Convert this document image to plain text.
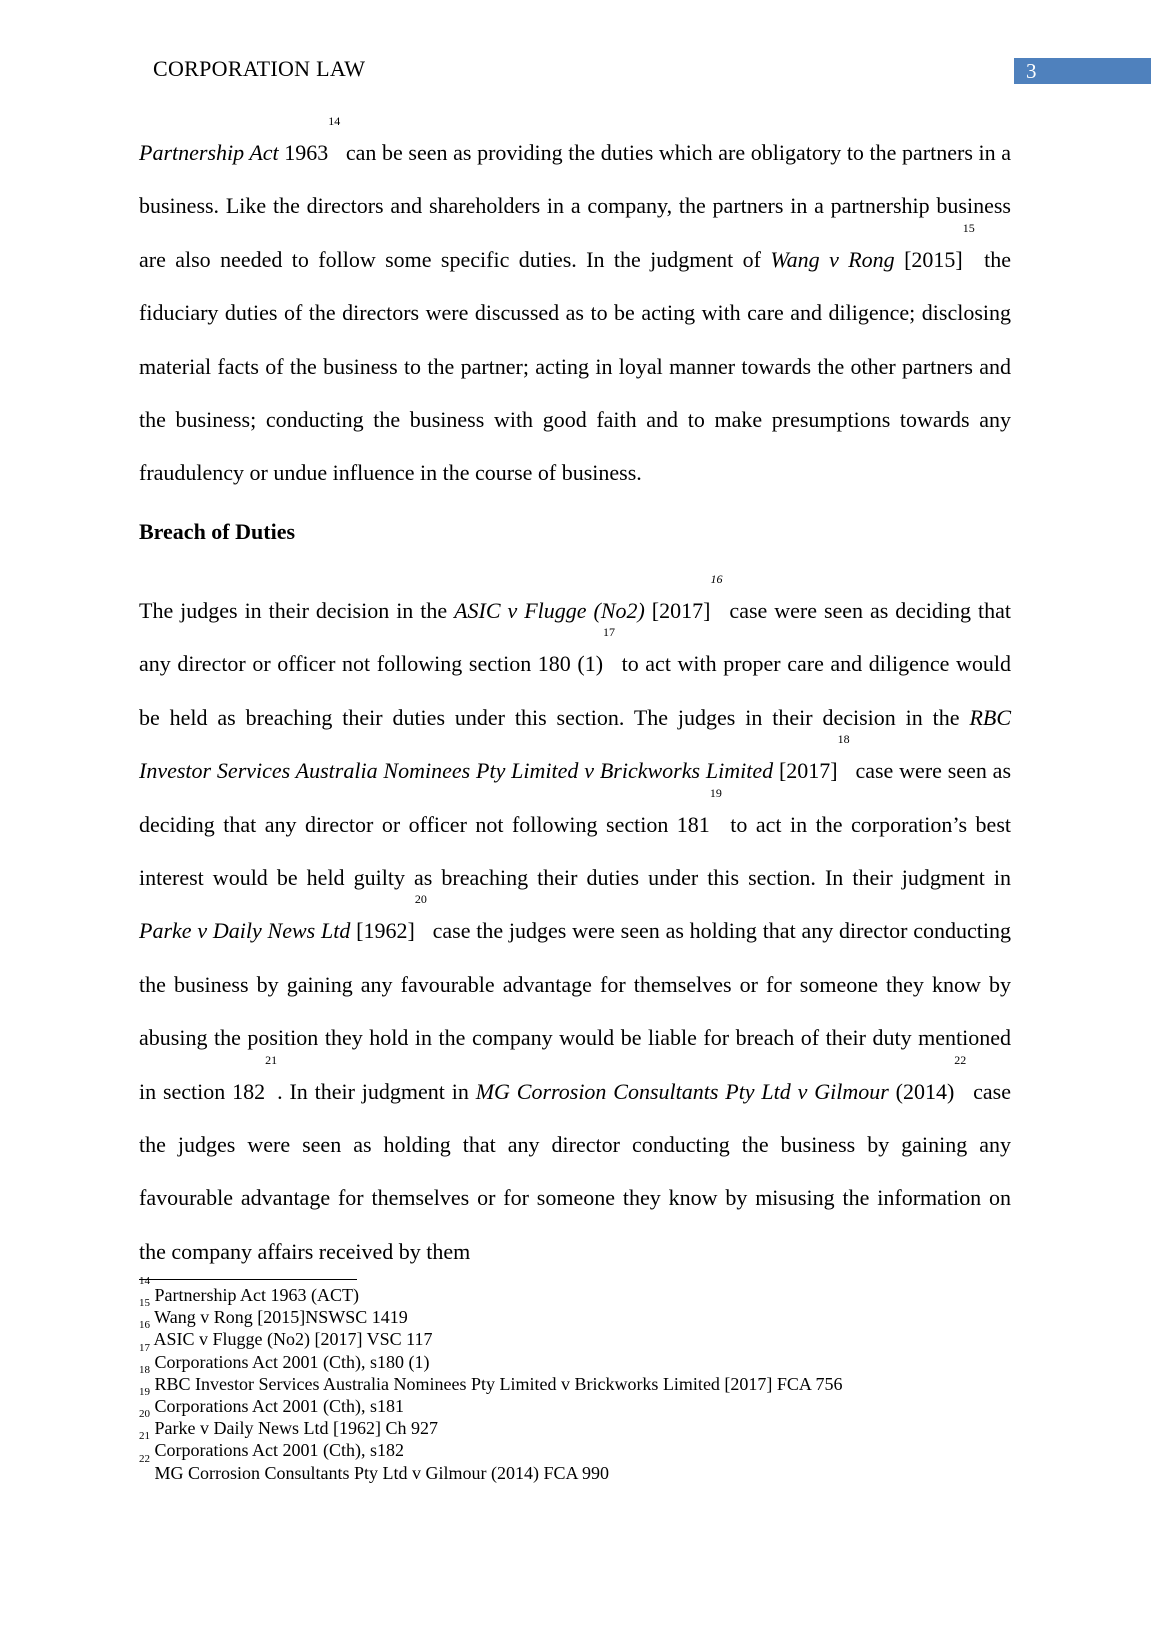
CORPORATION LAW	3

Partnership Act 1963$^{14}$ can be seen as providing the duties which are obligatory to the partners in a business. Like the directors and shareholders in a company, the partners in a partnership business are also needed to follow some specific duties. In the judgment of Wang v Rong $[2015]^{15}$ the fiduciary duties of the directors were discussed as to be acting with care and diligence; disclosing material facts of the business to the partner; acting in loyal manner towards the other partners and the business; conducting the business with good faith and to make presumptions towards any fraudulency or undue influence in the course of business.

Breach of Duties

The judges in their decision in the ASIC v Flugge (No2) $[2017]^{16}$ case were seen as deciding that any director or officer not following section 180 $(1)^{17}$ to act with proper care and diligence would be held as breaching their duties under this section. The judges in their decision in the RBC Investor Services Australia Nominees Pty Limited v Brickworks Limited $[2017]^{18}$ case were seen as deciding that any director or officer not following section $181^{19}$ to act in the corporation’s best interest would be held guilty as breaching their duties under this section. In their judgment in Parke v Daily News Ltd $[1962]^{20}$ case the judges were seen as holding that any director conducting the business by gaining any favourable advantage for themselves or for someone they know by abusing the position they hold in the company would be liable for breach of their duty mentioned in section $182^{21}$. In their judgment in MG Corrosion Consultants Pty Ltd v Gilmour $(2014)^{22}$ case the judges were seen as holding that any director conducting the business by gaining any favourable advantage for themselves or for someone they know by misusing the information on the company affairs received by them

$^{14}$ Partnership Act 1963 (ACT)
$^{15}$ Wang v Rong [2015]NSWSC 1419
$^{16}$ ASIC v Flugge (No2) [2017] VSC 117
$^{17}$ Corporations Act 2001 (Cth), s180 (1)
$^{18}$ RBC Investor Services Australia Nominees Pty Limited v Brickworks Limited [2017] FCA 756
$^{19}$ Corporations Act 2001 (Cth), s181
$^{20}$ Parke v Daily News Ltd [1962] Ch 927
$^{21}$ Corporations Act 2001 (Cth), s182
$^{22}$ MG Corrosion Consultants Pty Ltd v Gilmour (2014) FCA 990
